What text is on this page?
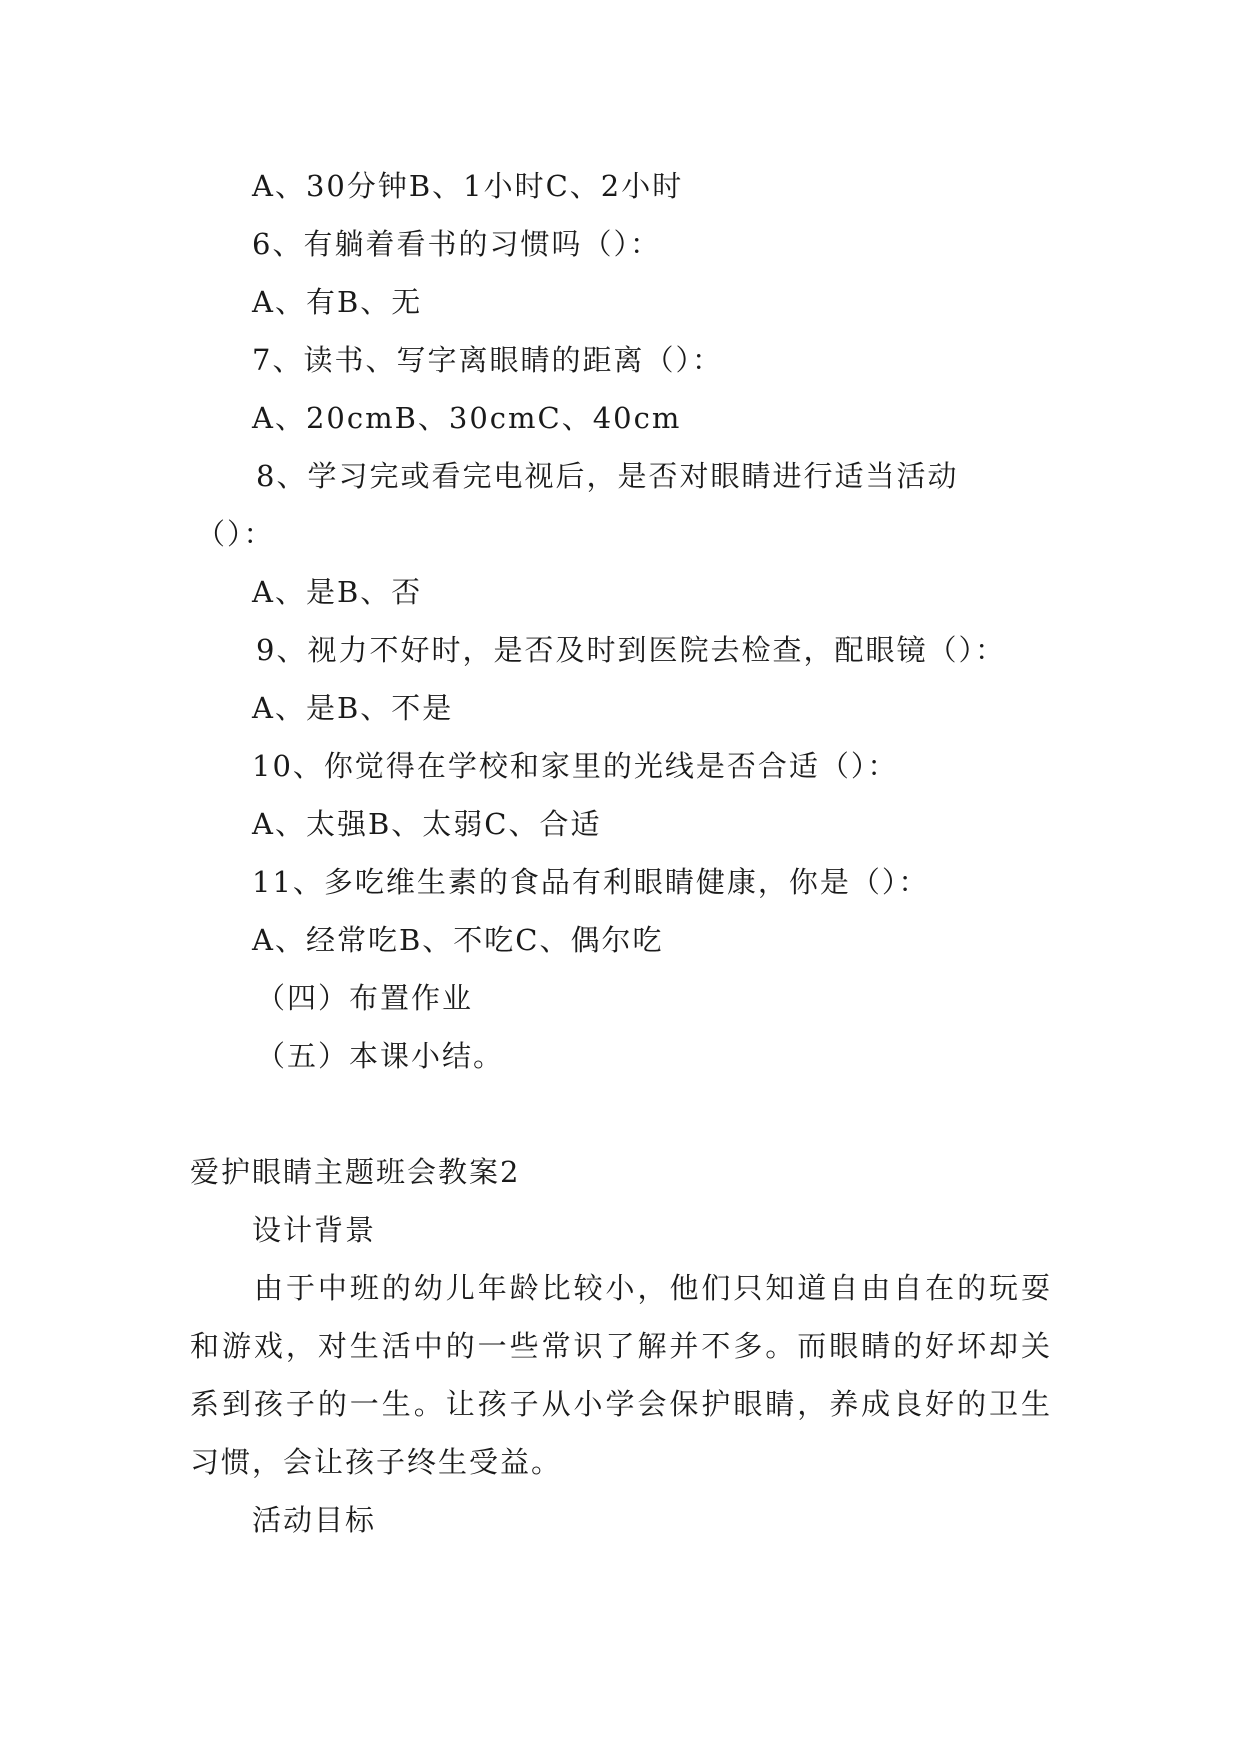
A、30分钟B、1小时C、2小时
6、有躺着看书的习惯吗（）：
A、有B、无
7、读书、写字离眼睛的距离（）：
A、20cmB、30cmC、40cm
8、学习完或看完电视后，是否对眼睛进行适当活动
（）：
A、是B、否
9、视力不好时，是否及时到医院去检查，配眼镜（）：
A、是B、不是
10、你觉得在学校和家里的光线是否合适（）：
A、太强B、太弱C、合适
11、多吃维生素的食品有利眼睛健康，你是（）：
A、经常吃B、不吃C、偶尔吃
（四）布置作业
（五）本课小结。
爱护眼睛主题班会教案2
设计背景
由于中班的幼儿年龄比较小，他们只知道自由自在的玩耍和游戏，对生活中的一些常识了解并不多。而眼睛的好坏却关系到孩子的一生。让孩子从小学会保护眼睛，养成良好的卫生习惯，会让孩子终生受益。
活动目标
